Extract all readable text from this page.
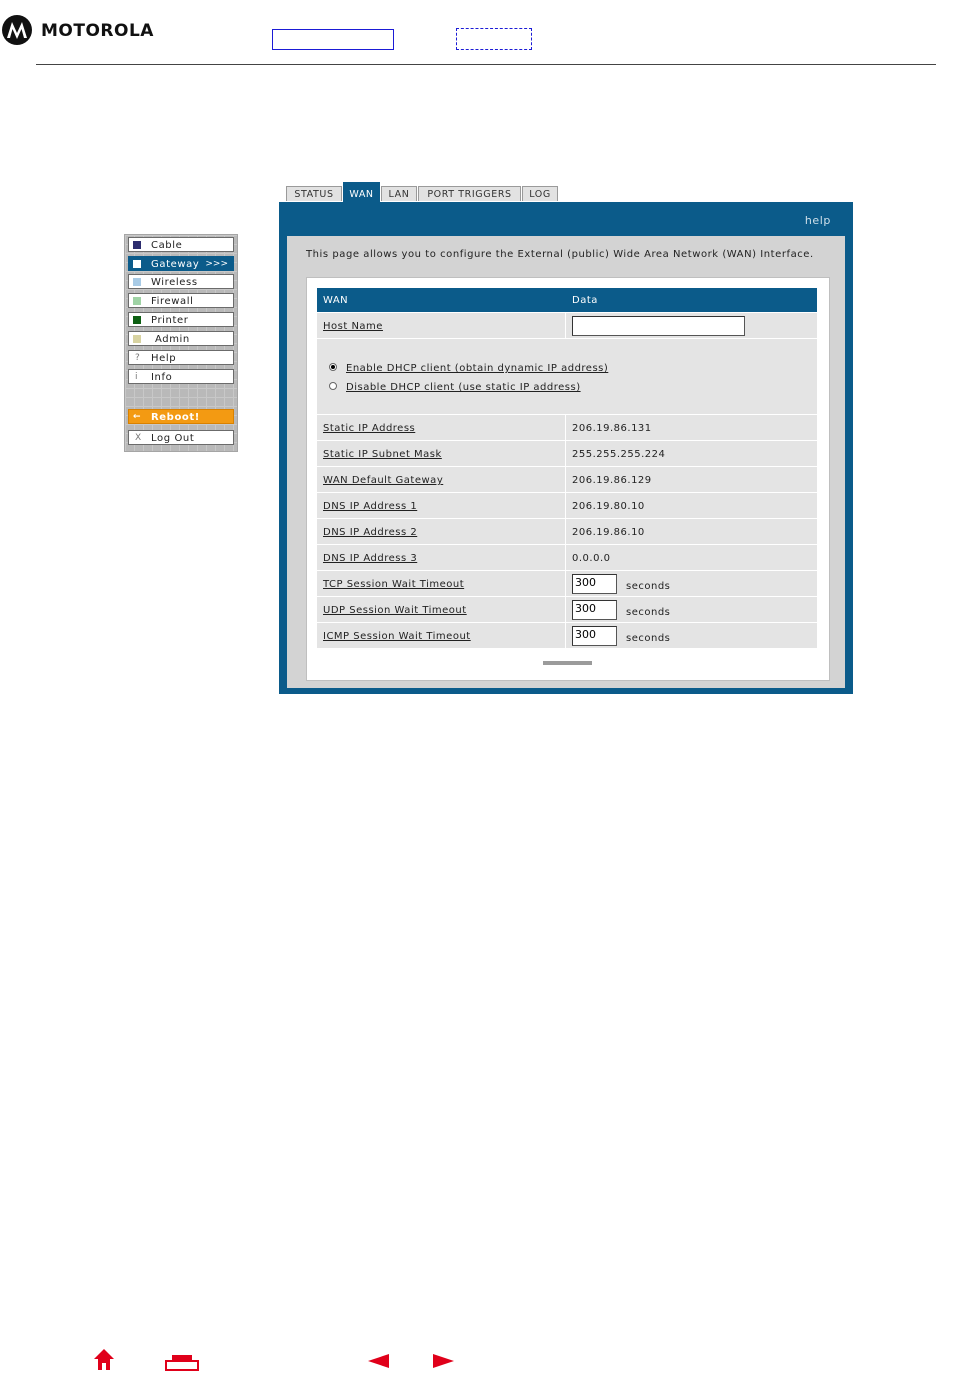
MOTOROLA
Cable
Gateway >>>
Wireless
Firewall
Printer
Admin
? Help
i Info
← Reboot!
X Log Out
STATUS	WAN	LAN	PORT TRIGGERS	LOG
help
This page allows you to configure the External (public) Wide Area Network (WAN) Interface.
WAN	Data
Host Name
Enable DHCP client (obtain dynamic IP address)
Disable DHCP client (use static IP address)
Static IP Address	206.19.86.131
Static IP Subnet Mask	255.255.255.224
WAN Default Gateway	206.19.86.129
DNS IP Address 1	206.19.80.10
DNS IP Address 2	206.19.86.10
DNS IP Address 3	0.0.0.0
TCP Session Wait Timeout	300	seconds
UDP Session Wait Timeout	300	seconds
ICMP Session Wait Timeout	300	seconds
